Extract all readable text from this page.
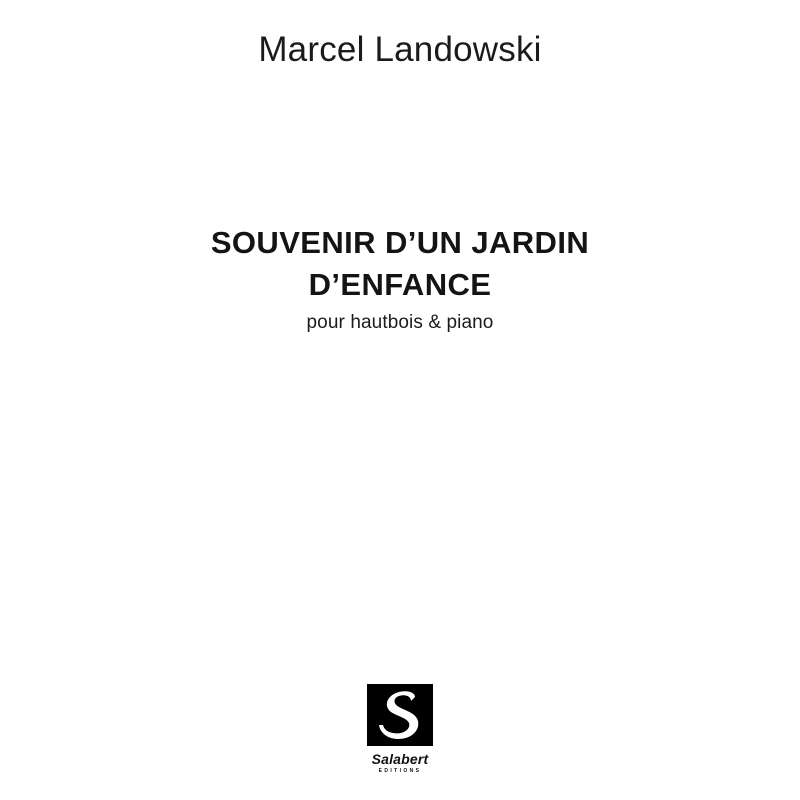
Marcel Landowski
SOUVENIR D’UN JARDIN
D’ENFANCE
pour hautbois & piano
Salabert
EDITIONS
